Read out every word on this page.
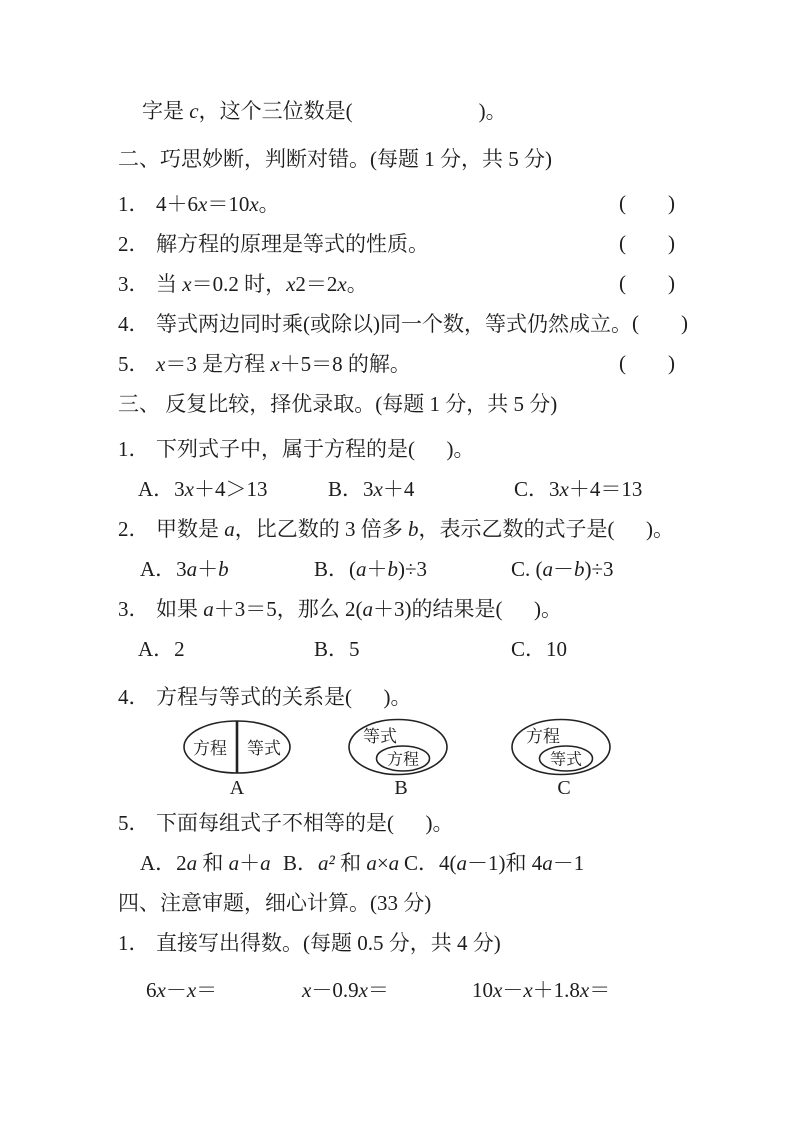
字是 c，这个三位数是(                        )。
二、巧思妙断，判断对错。(每题 1 分，共 5 分)
1． 4＋6x＝10x。	(        )
2． 解方程的原理是等式的性质。	(        )
3． 当 x＝0.2 时，x2＝2x。	(        )
4． 等式两边同时乘(或除以)同一个数，等式仍然成立。 (        )
5． x＝3 是方程 x＋5＝8 的解。	(        )
三、 反复比较，择优录取。(每题 1 分，共 5 分)
1． 下列式子中，属于方程的是(      )。
A．3x＋4＞13	B．3x＋4	C．3x＋4＝13
2． 甲数是 a，比乙数的 3 倍多 b，表示乙数的式子是(      )。
A．3a＋b	B．(a＋b)÷3	C. (a－b)÷3
3． 如果 a＋3＝5，那么 2(a＋3)的结果是(      )。
A．2	B．5	C．10
4． 方程与等式的关系是(      )。
方程 等式
A
等式
方程
B
方程
等式
C
5． 下面每组式子不相等的是(      )。
A．2a 和 a＋a B．a² 和 a×a C．4(a－1)和 4a－1
四、注意审题，细心计算。(33 分)
1． 直接写出得数。(每题 0.5 分，共 4 分)
6x－x＝	x－0.9x＝	10x－x＋1.8x＝
